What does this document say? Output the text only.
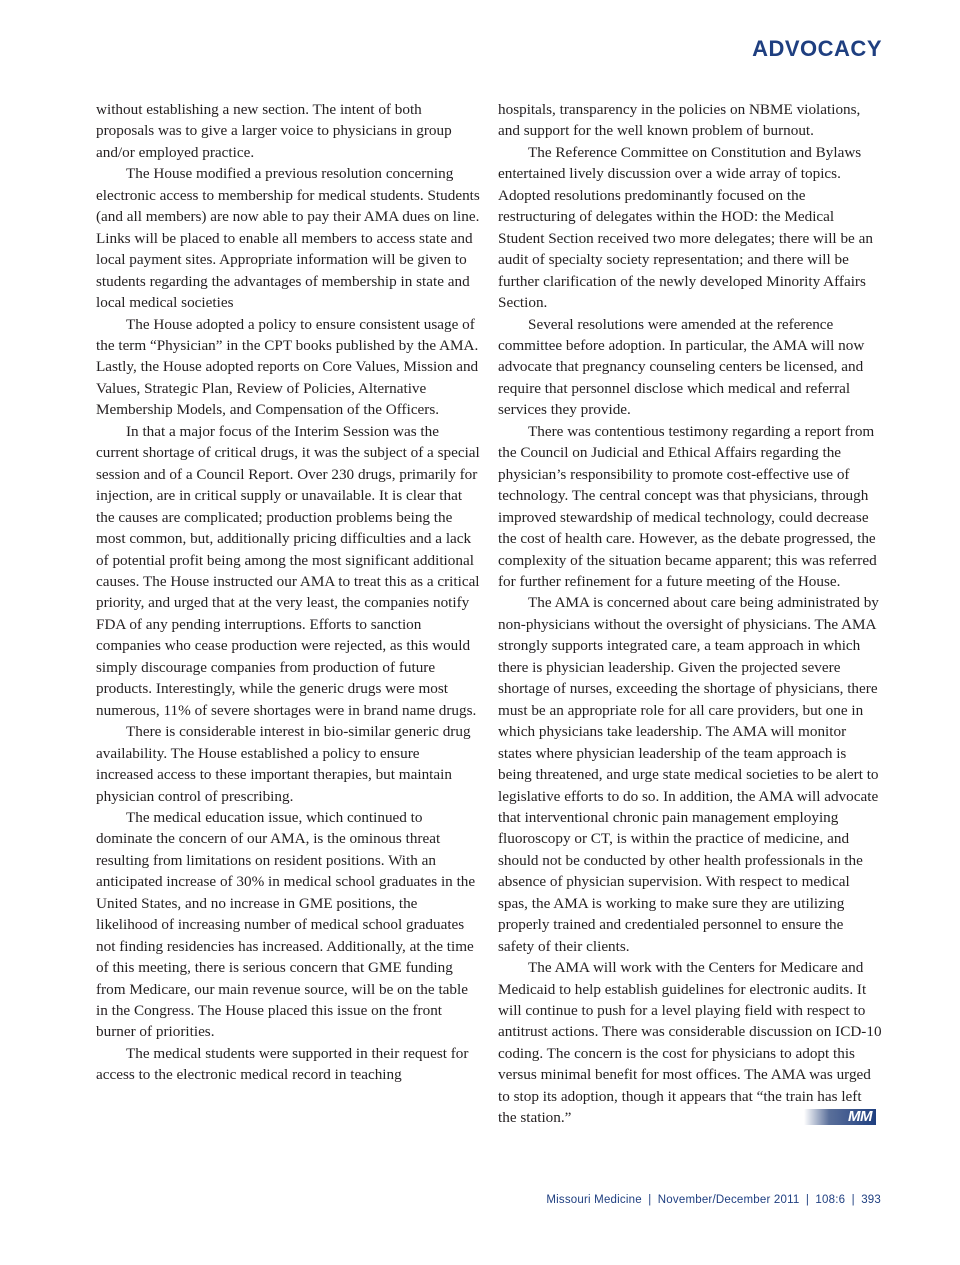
ADVOCACY

without establishing a new section. The intent of both proposals was to give a larger voice to physicians in group and/or employed practice.

The House modified a previous resolution concerning electronic access to membership for medical students. Students (and all members) are now able to pay their AMA dues on line. Links will be placed to enable all members to access state and local payment sites. Appropriate information will be given to students regarding the advantages of membership in state and local medical societies

The House adopted a policy to ensure consistent usage of the term “Physician” in the CPT books published by the AMA. Lastly, the House adopted reports on Core Values, Mission and Values, Strategic Plan, Review of Policies, Alternative Membership Models, and Compensation of the Officers.

In that a major focus of the Interim Session was the current shortage of critical drugs, it was the subject of a special session and of a Council Report. Over 230 drugs, primarily for injection, are in critical supply or unavailable. It is clear that the causes are complicated; production problems being the most common, but, additionally pricing difficulties and a lack of potential profit being among the most significant additional causes. The House instructed our AMA to treat this as a critical priority, and urged that at the very least, the companies notify FDA of any pending interruptions. Efforts to sanction companies who cease production were rejected, as this would simply discourage companies from production of future products. Interestingly, while the generic drugs were most numerous, 11% of severe shortages were in brand name drugs.

There is considerable interest in bio-similar generic drug availability. The House established a policy to ensure increased access to these important therapies, but maintain physician control of prescribing.

The medical education issue, which continued to dominate the concern of our AMA, is the ominous threat resulting from limitations on resident positions. With an anticipated increase of 30% in medical school graduates in the United States, and no increase in GME positions, the likelihood of increasing number of medical school graduates not finding residencies has increased. Additionally, at the time of this meeting, there is serious concern that GME funding from Medicare, our main revenue source, will be on the table in the Congress. The House placed this issue on the front burner of priorities.

The medical students were supported in their request for access to the electronic medical record in teaching

hospitals, transparency in the policies on NBME violations, and support for the well known problem of burnout.

The Reference Committee on Constitution and Bylaws entertained lively discussion over a wide array of topics. Adopted resolutions predominantly focused on the restructuring of delegates within the HOD: the Medical Student Section received two more delegates; there will be an audit of specialty society representation; and there will be further clarification of the newly developed Minority Affairs Section.

Several resolutions were amended at the reference committee before adoption. In particular, the AMA will now advocate that pregnancy counseling centers be licensed, and require that personnel disclose which medical and referral services they provide.

There was contentious testimony regarding a report from the Council on Judicial and Ethical Affairs regarding the physician’s responsibility to promote cost-effective use of technology. The central concept was that physicians, through improved stewardship of medical technology, could decrease the cost of health care. However, as the debate progressed, the complexity of the situation became apparent; this was referred for further refinement for a future meeting of the House.

The AMA is concerned about care being administrated by non-physicians without the oversight of physicians. The AMA strongly supports integrated care, a team approach in which there is physician leadership. Given the projected severe shortage of nurses, exceeding the shortage of physicians, there must be an appropriate role for all care providers, but one in which physicians take leadership. The AMA will monitor states where physician leadership of the team approach is being threatened, and urge state medical societies to be alert to legislative efforts to do so. In addition, the AMA will advocate that interventional chronic pain management employing fluoroscopy or CT, is within the practice of medicine, and should not be conducted by other health professionals in the absence of physician supervision. With respect to medical spas, the AMA is working to make sure they are utilizing properly trained and credentialed personnel to ensure the safety of their clients.

The AMA will work with the Centers for Medicare and Medicaid to help establish guidelines for electronic audits. It will continue to push for a level playing field with respect to antitrust actions. There was considerable discussion on ICD-10 coding. The concern is the cost for physicians to adopt this versus minimal benefit for most offices. The AMA was urged to stop its adoption, though it appears that “the train has left the station.”	MM

Missouri Medicine | November/December 2011 | 108:6 | 393
